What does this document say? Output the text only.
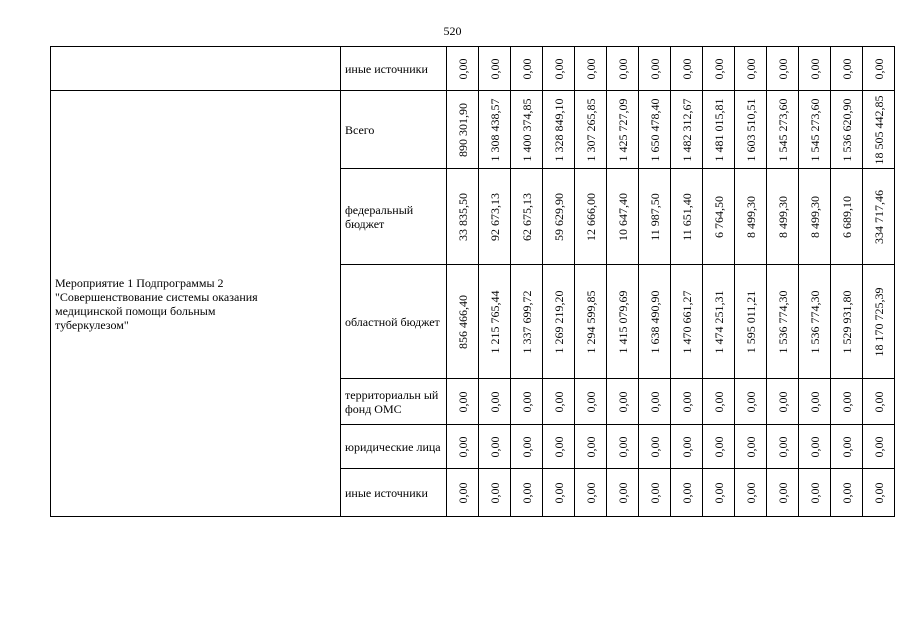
520
	иные источники	0,00	0,00	0,00	0,00	0,00	0,00	0,00	0,00	0,00	0,00	0,00	0,00	0,00	0,00

Мероприятие 1 Подпрограммы 2
"Совершенствование системы оказания
медицинской помощи больным
туберкулезом"	Всего	890 301,90	1 308 438,57	1 400 374,85	1 328 849,10	1 307 265,85	1 425 727,09	1 650 478,40	1 482 312,67	1 481 015,81	1 603 510,51	1 545 273,60	1 545 273,60	1 536 620,90	18 505 442,85

	федеральный бюджет	33 835,50	92 673,13	62 675,13	59 629,90	12 666,00	10 647,40	11 987,50	11 651,40	6 764,50	8 499,30	8 499,30	8 499,30	6 689,10	334 717,46

	областной бюджет	856 466,40	1 215 765,44	1 337 699,72	1 269 219,20	1 294 599,85	1 415 079,69	1 638 490,90	1 470 661,27	1 474 251,31	1 595 011,21	1 536 774,30	1 536 774,30	1 529 931,80	18 170 725,39

	территориальн ый фонд ОМС	0,00	0,00	0,00	0,00	0,00	0,00	0,00	0,00	0,00	0,00	0,00	0,00	0,00	0,00

	юридические лица	0,00	0,00	0,00	0,00	0,00	0,00	0,00	0,00	0,00	0,00	0,00	0,00	0,00	0,00

	иные источники	0,00	0,00	0,00	0,00	0,00	0,00	0,00	0,00	0,00	0,00	0,00	0,00	0,00	0,00
